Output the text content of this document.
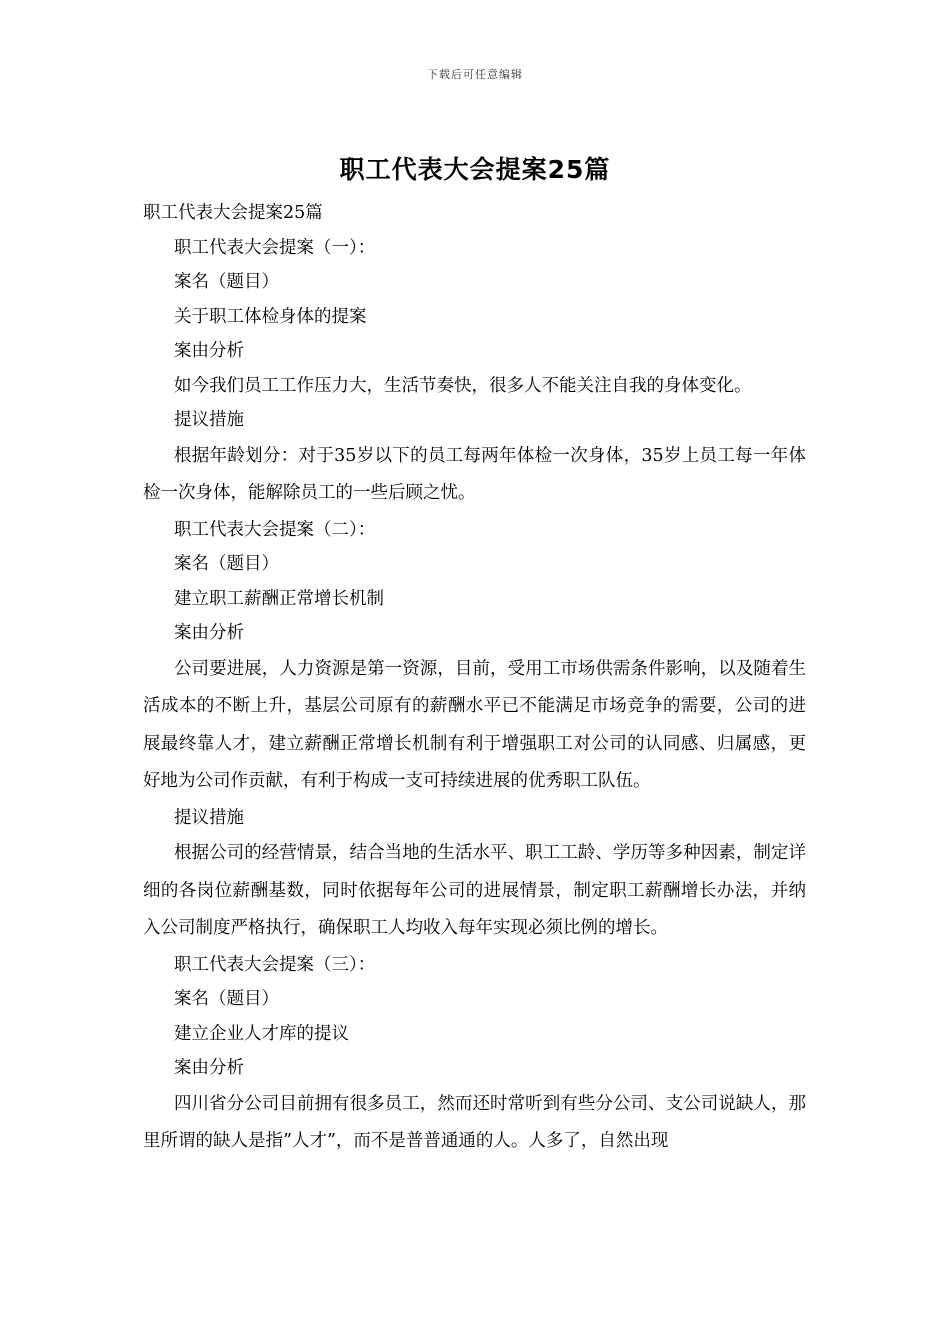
下载后可任意编辑
职工代表大会提案25篇

职工代表大会提案25篇

职工代表大会提案（一）：

案名（题目）

关于职工体检身体的提案

案由分析

如今我们员工工作压力大，生活节奏快，很多人不能关注自我的身体变化。

提议措施

根据年龄划分：对于35岁以下的员工每两年体检一次身体，35岁上员工每一年体检一次身体，能解除员工的一些后顾之忧。

职工代表大会提案（二）：

案名（题目）

建立职工薪酬正常增长机制

案由分析

公司要进展，人力资源是第一资源，目前，受用工市场供需条件影响，以及随着生活成本的不断上升，基层公司原有的薪酬水平已不能满足市场竞争的需要，公司的进展最终靠人才，建立薪酬正常增长机制有利于增强职工对公司的认同感、归属感，更好地为公司作贡献，有利于构成一支可持续进展的优秀职工队伍。

提议措施

根据公司的经营情景，结合当地的生活水平、职工工龄、学历等多种因素，制定详细的各岗位薪酬基数，同时依据每年公司的进展情景，制定职工薪酬增长办法，并纳入公司制度严格执行，确保职工人均收入每年实现必须比例的增长。

职工代表大会提案（三）：

案名（题目）

建立企业人才库的提议

案由分析

四川省分公司目前拥有很多员工，然而还时常听到有些分公司、支公司说缺人，那里所谓的缺人是指”人才”，而不是普普通通的人。人多了，自然出现
